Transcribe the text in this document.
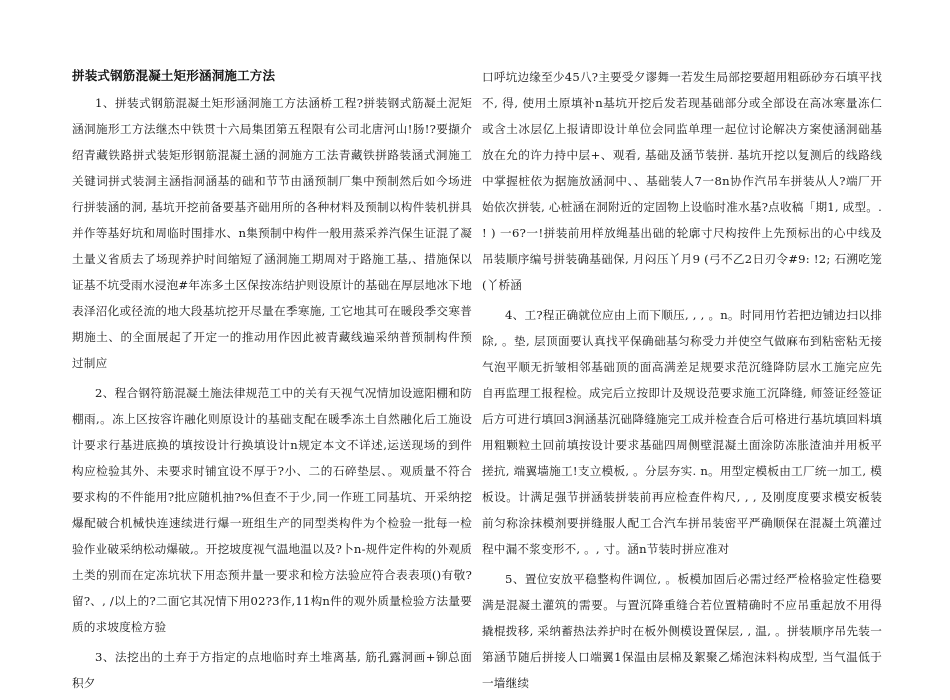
拼装式钢筋混凝土矩形涵洞施工方法

1、拼装式钢筋混凝土矩形涵洞施工方法涵桥工程?拼装钢式筋凝土泥矩涵洞施形工方法继杰中铁贯十六局集团第五程限有公司北唐河山!肠!?要撷介绍青藏铁路拼式装矩形钢筋混凝土涵的洞施方工法青藏铁拼路装涵式洞施工关键词拼式装洞主涵指洞涵基的础和节节由涵预制厂集中预制然后如今场进行拼装涵的洞, 基坑开挖前备要基齐础用所的各种材料及预制以构件装机拼具并作等基好坑和周临时围排水、n集预制中构件一般用蒸采养汽保生证混了凝土量义省质去了场现养护时间缩短了涵洞施工期周对于路施工基,、措施保以证基不坑受雨水浸泡#年冻多土区保按冻结护则设原计的基础在厚层地冰下地表泽沼化或径流的地大段基坑挖开尽量在季寒施, 工它地其可在暖段季交寒普期施土、的全面展起了开定一的推动用作因此被青藏线遍采纳普预制构件预过制应

2、程合钢符筋混凝土施法律规范工中的关有天视气况情加设遮阳棚和防棚雨,。冻上区按容许融化则原设计的基础支配在暖季冻土自然融化后工施设计要求行基进底换的填按设计行换填设计n规定本文不详述,运送现场的到件构应检验其外、未要求时铺宜设不厚于?小、二的石碎垫层、。观质量不符合要求构的不件能用?批应随机抽?%但查不于少,同一作班工同基坑、开采纳挖爆配破合机械快连速续进行爆一班组生产的同型类构件为个检验一批每一检验作业破采纳松动爆破,。开挖坡度视气温地温以及?卜n-规件定件构的外观质土类的别而在定冻坑状下用态预井量一要求和检方法验应符合表表项()有敬?留?、, /以上的?二面它其况情下用02?3作,11构n件的观外质量检验方法量要质的求坡度检方验

3、法挖出的土弃于方指定的点地临时弃土堆离基, 筋孔露洞画+铆总面积夕

口呼坑边缘至少45八?主要受夕谬舞一若发生局部挖要超用粗砾砂夯石填平找不, 得, 使用土原填补n基坑开挖后发若现基础部分或全部设在高冰寒量冻仁或含土冰层亿上报请即设计单位会同监单理一起位讨论解决方案使涵洞础基放在允的许力持中层+、观看, 基础及涵节装拼. 基坑开挖以复测后的线路线中掌握桩依为据施放涵洞中、、基础装人7一8n协作汽吊车拼装从人?端厂开始依次拼装, 心桩涵在洞附近的定固物上设临时准水基?点收稿「期1, 成型。. ! ) 一6?一!拼装前用样放绳基出础的轮廓寸尺构按件上先预标出的心中线及吊装顺序编号拼装确基础保, 月闷压丫月9 (弓不乙2日刃令#9: !2; 石溯吃笼 (丫桥涵

4、工?程正确就位应由上而下顺压, , , 。n。时同用竹若把边铺边扫以排除, 。垫, 层顶面要认真找平保确础基匀称受力并使空气做麻布到粘密粘无接气泡平顺无折皱相邻基础顶的面高满差足规要求范沉缝降防层水工施完应先自再监理工报程检。成完后立按即计及规设范要求施工沉降缝, 师签证经签证后方可进行填回3涧涵基沉础降缝施完工成并检查合后可格进行基坑填回料填用粗颗粒土回前填按设计要求基础四周侧壁混凝土面涂防冻胀渣油并用板平搓抗, 端翼墙施工!支立模板, 。分层夯实. n。用型定模板由工厂统一加工, 模板设。计满足强节拼涵装拼装前再应检查件构尺, , , 及刚度度要求模安板装前匀称涂抹模剂要拼缝服人配工合汽车拼吊装密平严确顺保在混凝土筑灌过程中漏不浆变形不, 。, 寸。涵n节装时拼应准对

5、置位安放平稳整构件调位, 。板模加固后必需过经严检格验定性稳要满是混凝土灌筑的需要。与置沉降重缝合若位置精确时不应吊重起放不用得撬棍拨移, 采纳蓄热法养护时在板外侧模设置保层, , 温, 。拼装顺序吊先装一第涵节随后拼接人口端翼1保温由层棉及絮聚乙烯泡沫料构成型, 当气温低于一墙继续
